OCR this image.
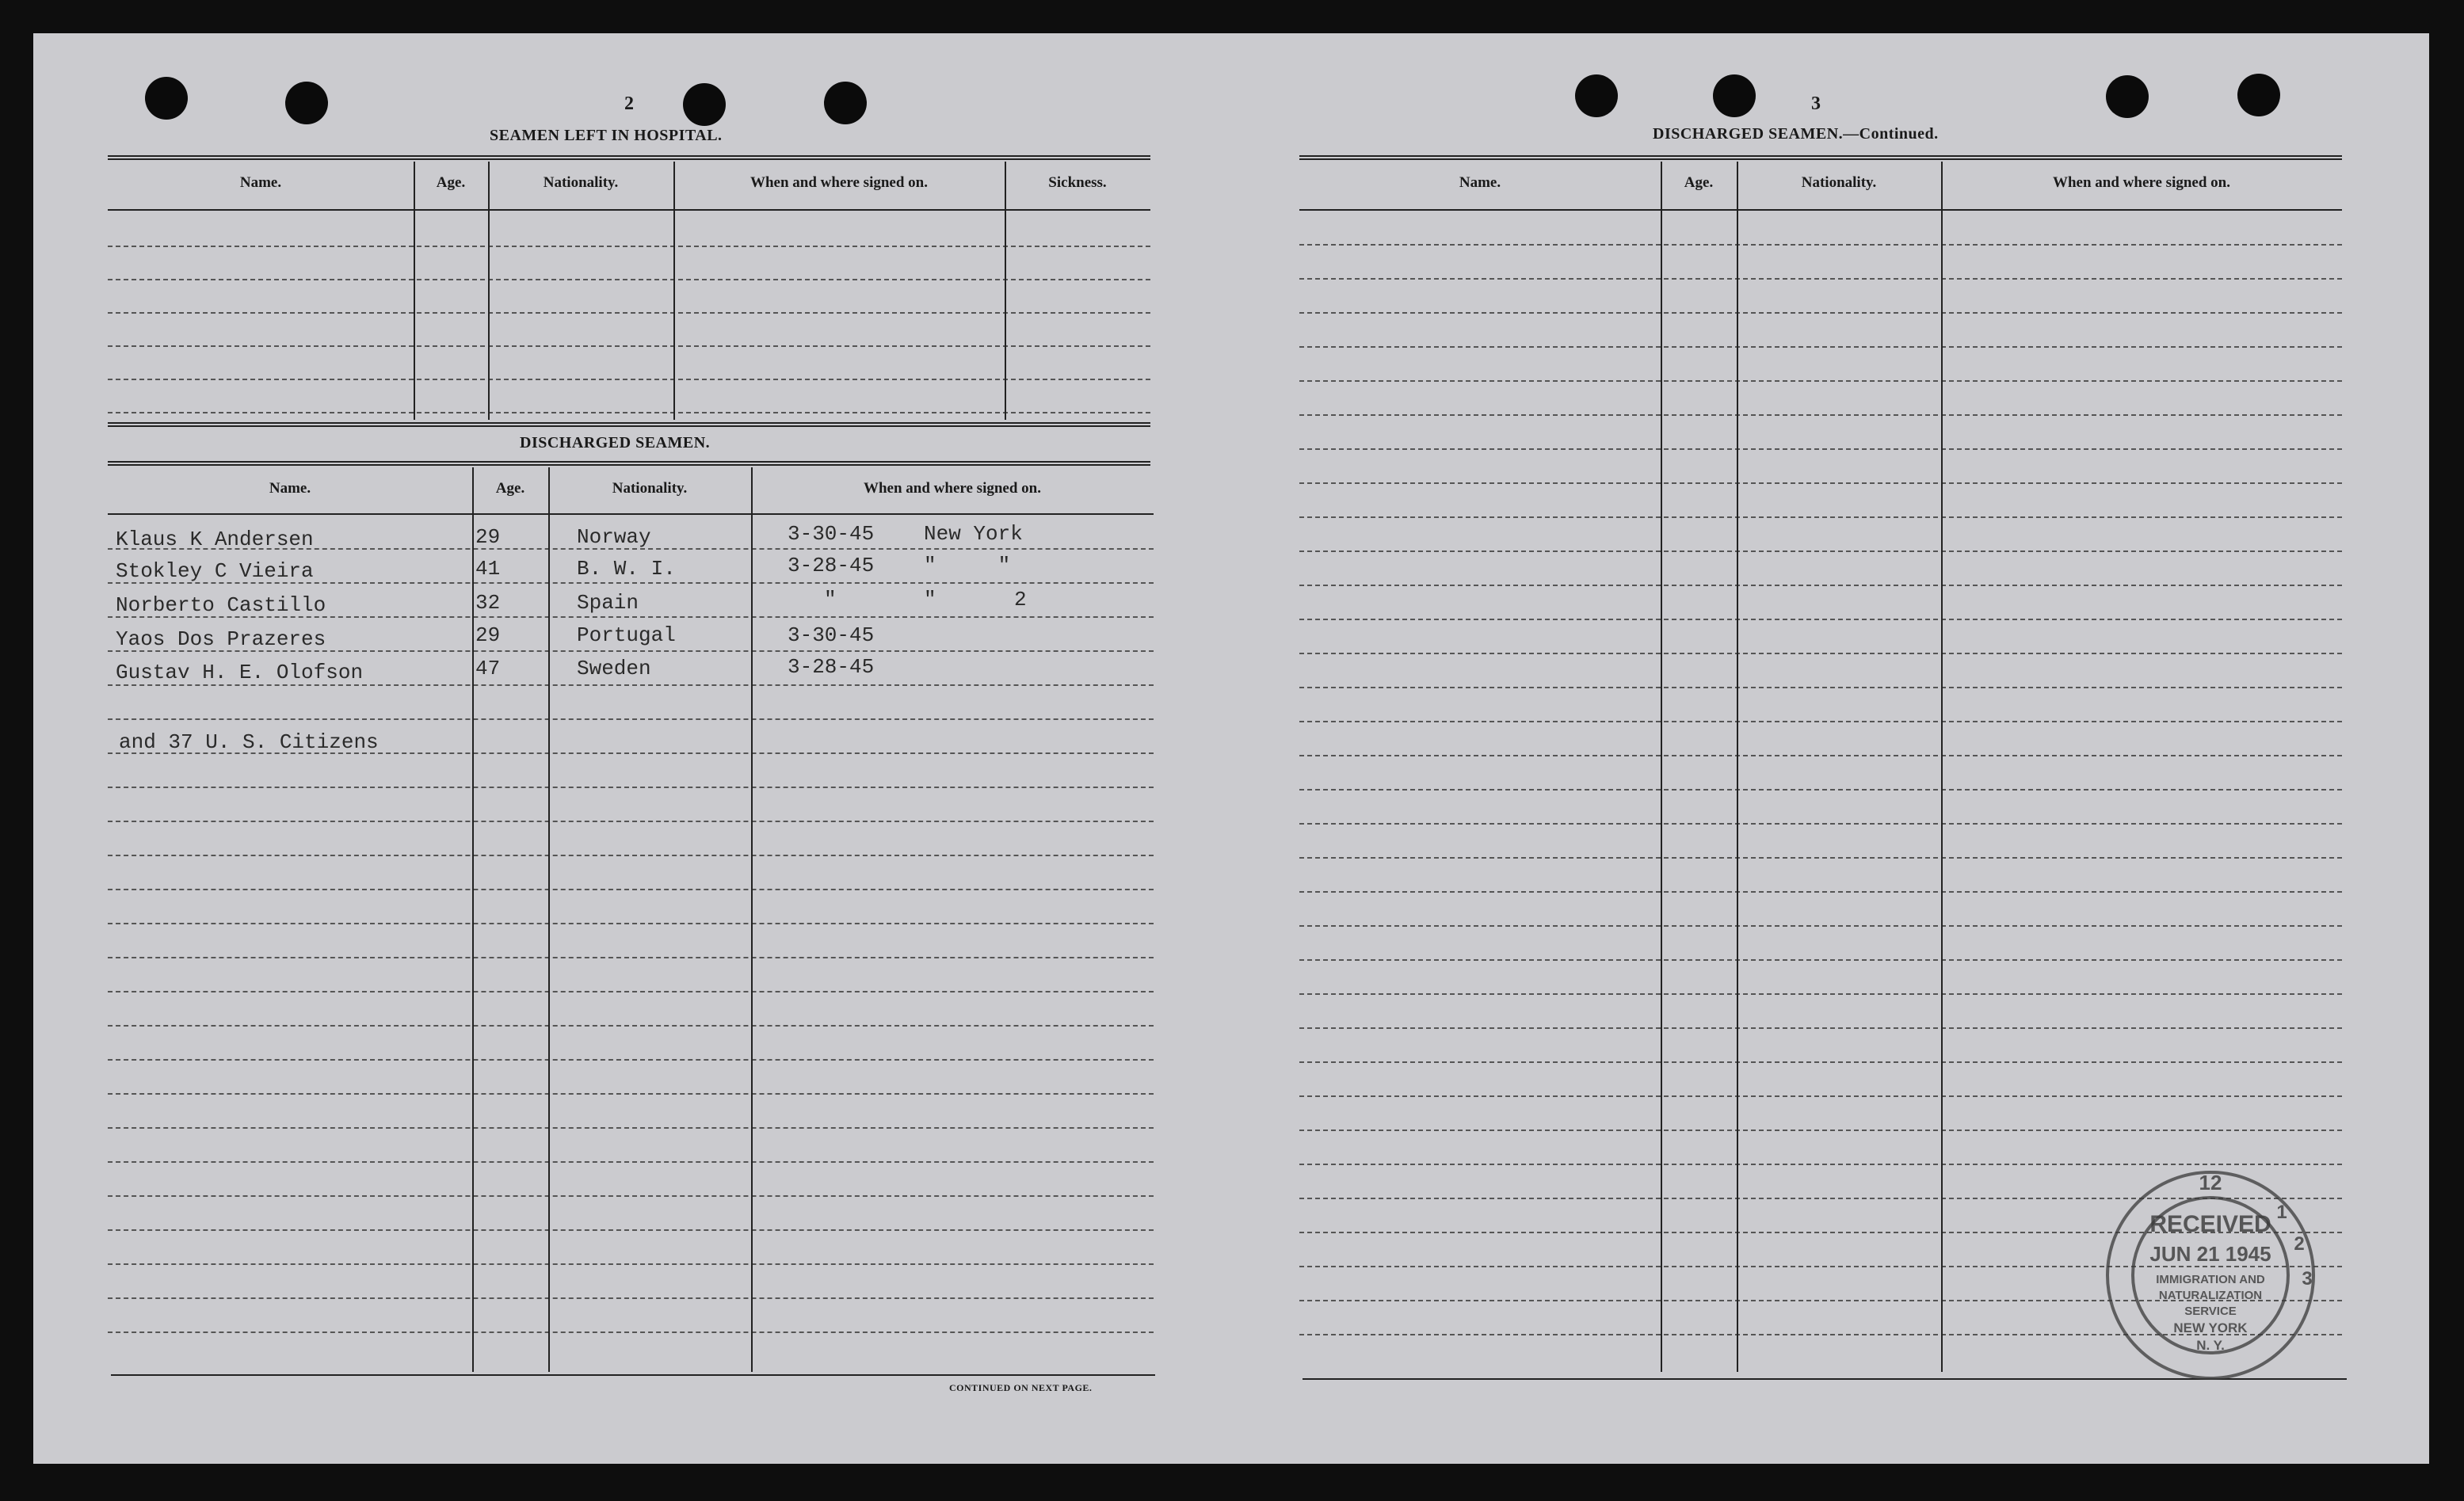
2
SEAMEN LEFT IN HOSPITAL.
Name.	Age.	Nationality.	When and where signed on.	Sickness.
DISCHARGED SEAMEN.
Name.	Age.	Nationality.	When and where signed on.
Klaus K Andersen	29	Norway	3-30-45 New York
Stokley C Vieira	41	B. W. I.	3-28-45 "     "
Norberto Castillo	32	Spain	"	"	2
Yaos Dos Prazeres	29	Portugal	3-30-45
Gustav H. E. Olofson	47	Sweden	3-28-45
and 37 U. S. Citizens
CONTINUED ON NEXT PAGE.
3
DISCHARGED SEAMEN.—Continued.
Name.	Age.	Nationality.	When and where signed on.
12
1
2
3
RECEIVED
JUN 21 1945
IMMIGRATION AND
NATURALIZATION
SERVICE
NEW YORK
N. Y.
